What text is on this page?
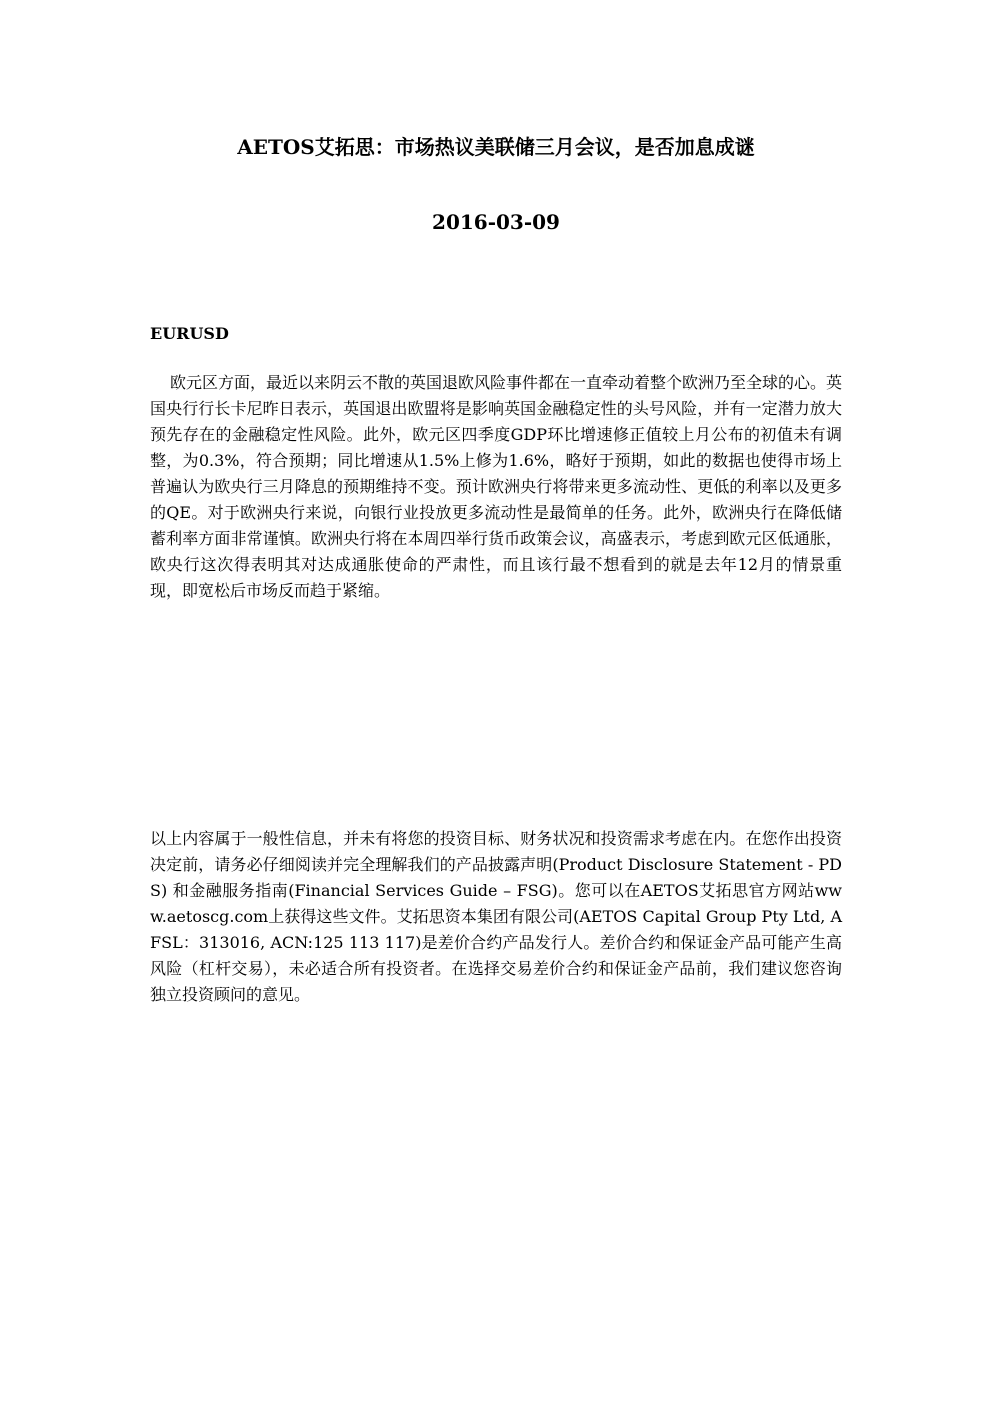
AETOS艾拓思：市场热议美联储三月会议，是否加息成谜
2016-03-09
EURUSD

欧元区方面，最近以来阴云不散的英国退欧风险事件都在一直牵动着整个欧洲乃至全球的心。英国央行行长卡尼昨日表示，英国退出欧盟将是影响英国金融稳定性的头号风险，并有一定潜力放大预先存在的金融稳定性风险。此外，欧元区四季度GDP环比增速修正值较上月公布的初值未有调整，为0.3%，符合预期；同比增速从1.5%上修为1.6%，略好于预期，如此的数据也使得市场上普遍认为欧央行三月降息的预期维持不变。预计欧洲央行将带来更多流动性、更低的利率以及更多的QE。对于欧洲央行来说，向银行业投放更多流动性是最简单的任务。此外，欧洲央行在降低储蓄利率方面非常谨慎。欧洲央行将在本周四举行货币政策会议，高盛表示，考虑到欧元区低通胀，欧央行这次得表明其对达成通胀使命的严肃性，而且该行最不想看到的就是去年12月的情景重现，即宽松后市场反而趋于紧缩。

以上内容属于一般性信息，并未有将您的投资目标、财务状况和投资需求考虑在内。在您作出投资决定前，请务必仔细阅读并完全理解我们的产品披露声明(Product Disclosure Statement - PDS) 和金融服务指南(Financial Services Guide – FSG)。您可以在AETOS艾拓思官方网站www.aetoscg.com上获得这些文件。艾拓思资本集团有限公司(AETOS Capital Group Pty Ltd, AFSL：313016, ACN:125 113 117)是差价合约产品发行人。差价合约和保证金产品可能产生高风险（杠杆交易），未必适合所有投资者。在选择交易差价合约和保证金产品前，我们建议您咨询独立投资顾问的意见。
